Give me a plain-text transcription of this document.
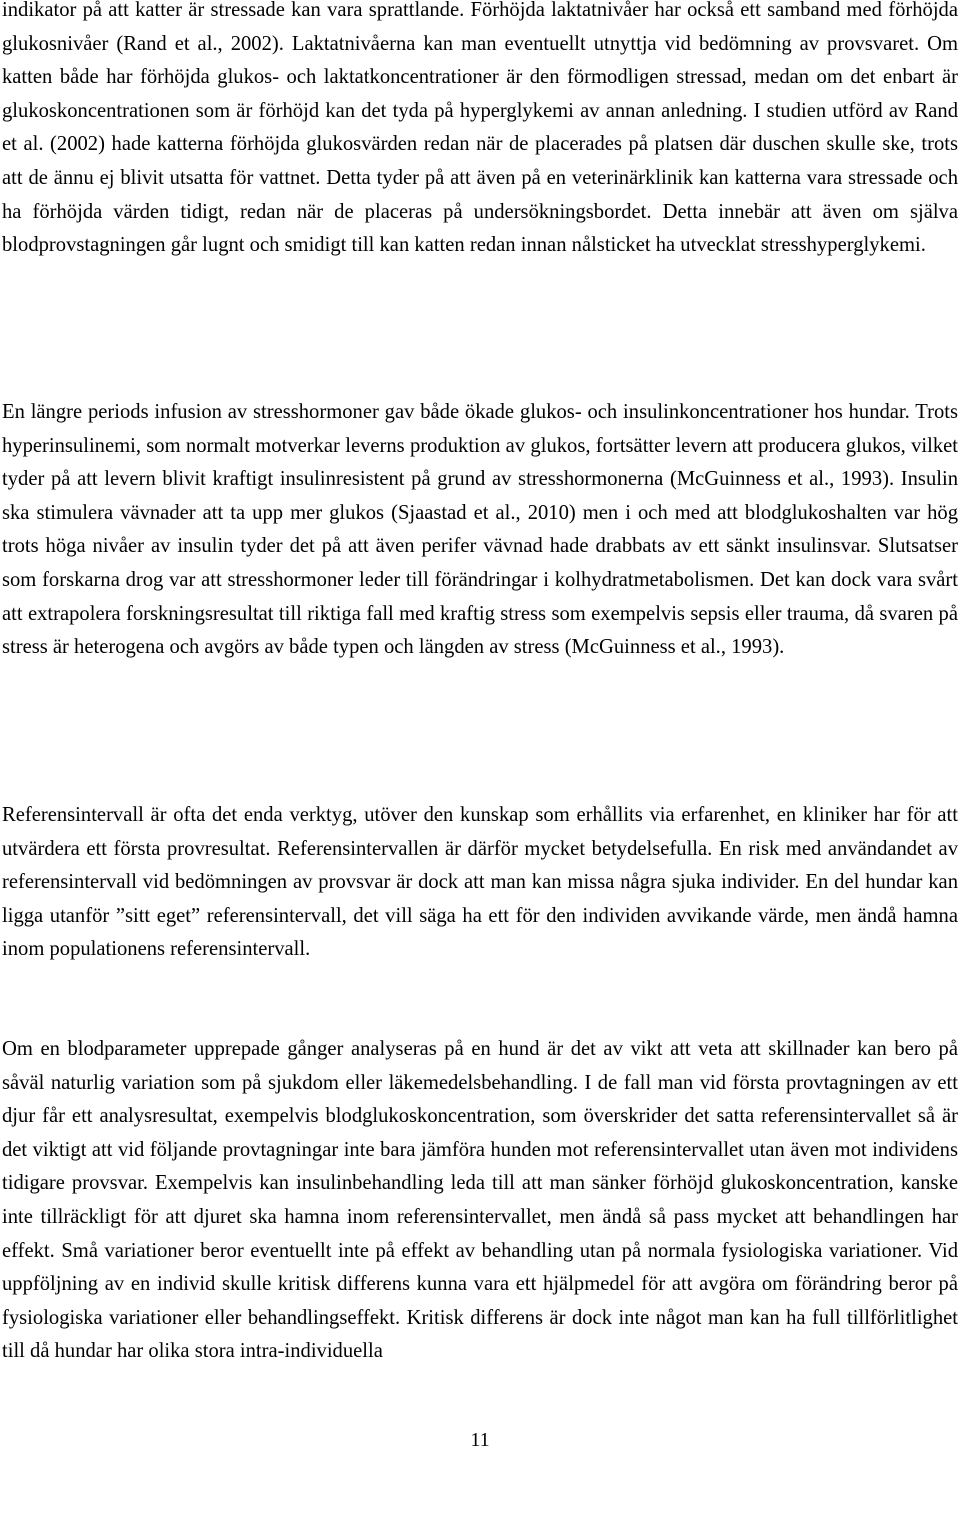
indikator på att katter är stressade kan vara sprattlande. Förhöjda laktatnivåer har också ett samband med förhöjda glukosnivåer (Rand et al., 2002). Laktatnivåerna kan man eventuellt utnyttja vid bedömning av provsvaret. Om katten både har förhöjda glukos- och laktatkoncentrationer är den förmodligen stressad, medan om det enbart är glukoskoncentrationen som är förhöjd kan det tyda på hyperglykemi av annan anledning. I studien utförd av Rand et al. (2002) hade katterna förhöjda glukosvärden redan när de placerades på platsen där duschen skulle ske, trots att de ännu ej blivit utsatta för vattnet. Detta tyder på att även på en veterinärklinik kan katterna vara stressade och ha förhöjda värden tidigt, redan när de placeras på undersökningsbordet. Detta innebär att även om själva blodprovstagningen går lugnt och smidigt till kan katten redan innan nålsticket ha utvecklat stresshyperglykemi.

En längre periods infusion av stresshormoner gav både ökade glukos- och insulinkoncentrationer hos hundar. Trots hyperinsulinemi, som normalt motverkar leverns produktion av glukos, fortsätter levern att producera glukos, vilket tyder på att levern blivit kraftigt insulinresistent på grund av stresshormonerna (McGuinness et al., 1993). Insulin ska stimulera vävnader att ta upp mer glukos (Sjaastad et al., 2010) men i och med att blodglukoshalten var hög trots höga nivåer av insulin tyder det på att även perifer vävnad hade drabbats av ett sänkt insulinsvar. Slutsatser som forskarna drog var att stresshormoner leder till förändringar i kolhydratmetabolismen. Det kan dock vara svårt att extrapolera forskningsresultat till riktiga fall med kraftig stress som exempelvis sepsis eller trauma, då svaren på stress är heterogena och avgörs av både typen och längden av stress (McGuinness et al., 1993).

Referensintervall är ofta det enda verktyg, utöver den kunskap som erhållits via erfarenhet, en kliniker har för att utvärdera ett första provresultat. Referensintervallen är därför mycket betydelsefulla. En risk med användandet av referensintervall vid bedömningen av provsvar är dock att man kan missa några sjuka individer. En del hundar kan ligga utanför ”sitt eget” referensintervall, det vill säga ha ett för den individen avvikande värde, men ändå hamna inom populationens referensintervall.

Om en blodparameter upprepade gånger analyseras på en hund är det av vikt att veta att skillnader kan bero på såväl naturlig variation som på sjukdom eller läkemedelsbehandling. I de fall man vid första provtagningen av ett djur får ett analysresultat, exempelvis blodglukoskoncentration, som överskrider det satta referensintervallet så är det viktigt att vid följande provtagningar inte bara jämföra hunden mot referensintervallet utan även mot individens tidigare provsvar. Exempelvis kan insulinbehandling leda till att man sänker förhöjd glukoskoncentration, kanske inte tillräckligt för att djuret ska hamna inom referensintervallet, men ändå så pass mycket att behandlingen har effekt. Små variationer beror eventuellt inte på effekt av behandling utan på normala fysiologiska variationer. Vid uppföljning av en individ skulle kritisk differens kunna vara ett hjälpmedel för att avgöra om förändring beror på fysiologiska variationer eller behandlingseffekt. Kritisk differens är dock inte något man kan ha full tillförlitlighet till då hundar har olika stora intra-individuella

11
